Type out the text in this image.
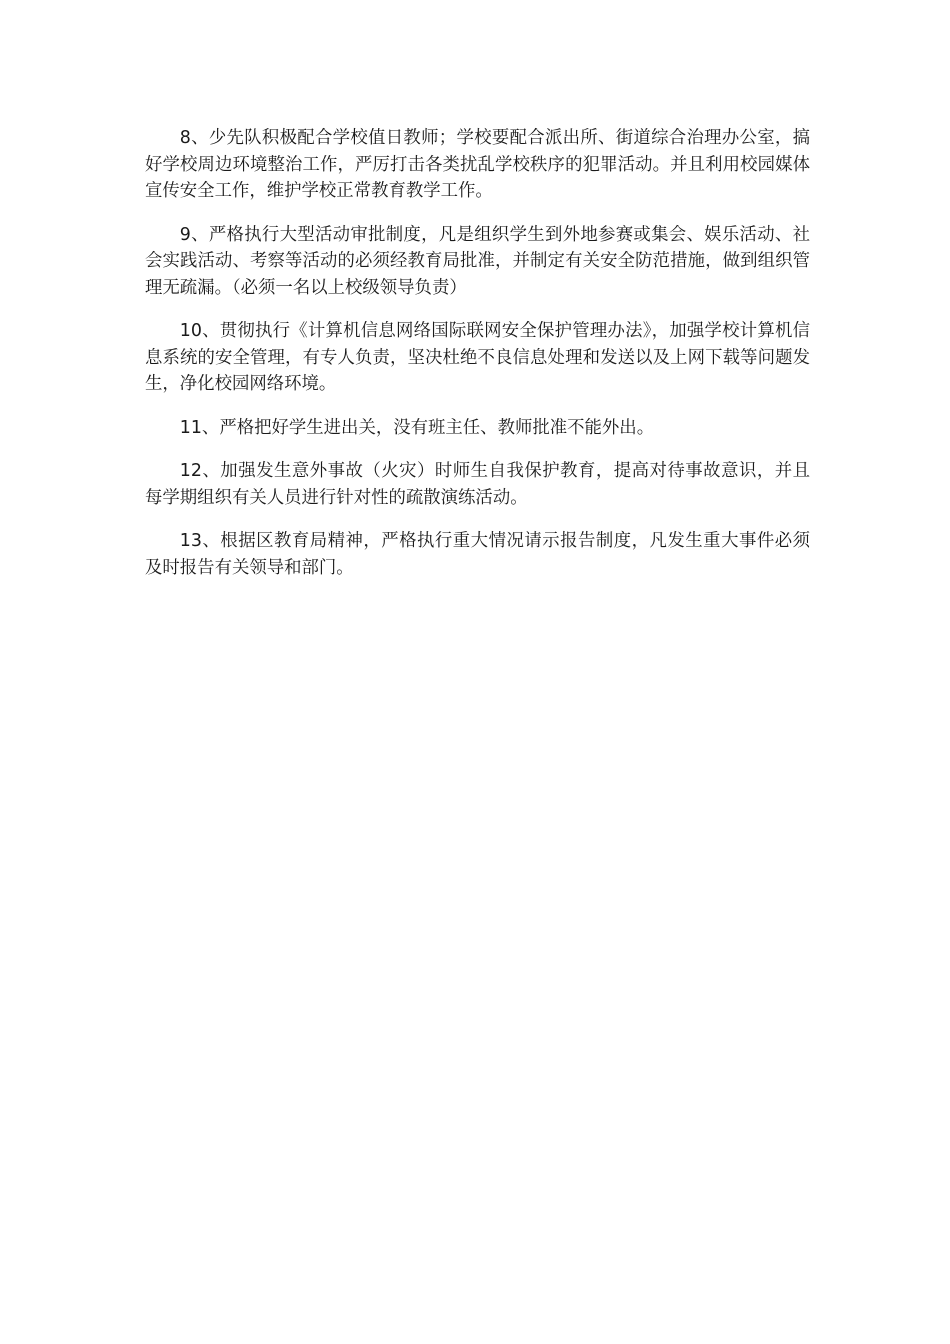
8、少先队积极配合学校值日教师；学校要配合派出所、街道综合治理办公室，搞好学校周边环境整治工作，严厉打击各类扰乱学校秩序的犯罪活动。并且利用校园媒体宣传安全工作，维护学校正常教育教学工作。

9、严格执行大型活动审批制度，凡是组织学生到外地参赛或集会、娱乐活动、社会实践活动、考察等活动的必须经教育局批准，并制定有关安全防范措施，做到组织管理无疏漏。（必须一名以上校级领导负责）

10、贯彻执行《计算机信息网络国际联网安全保护管理办法》，加强学校计算机信息系统的安全管理，有专人负责，坚决杜绝不良信息处理和发送以及上网下载等问题发生，净化校园网络环境。

11、严格把好学生进出关，没有班主任、教师批准不能外出。

12、加强发生意外事故（火灾）时师生自我保护教育，提高对待事故意识，并且每学期组织有关人员进行针对性的疏散演练活动。

13、根据区教育局精神，严格执行重大情况请示报告制度，凡发生重大事件必须及时报告有关领导和部门。
